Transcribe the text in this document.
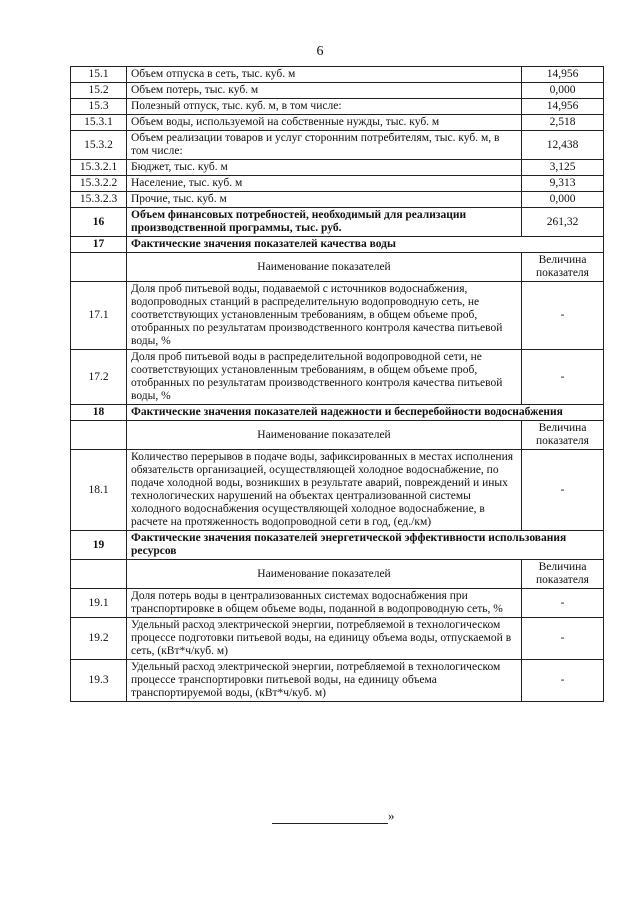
6
15.1	Объем отпуска в сеть, тыс. куб. м	14,956
15.2	Объем потерь, тыс. куб. м	0,000
15.3	Полезный отпуск, тыс. куб. м, в том числе:	14,956
15.3.1	Объем воды, используемой на собственные нужды, тыс. куб. м	2,518
15.3.2	Объем реализации товаров и услуг сторонним потребителям, тыс. куб. м, в том числе:	12,438
15.3.2.1	Бюджет, тыс. куб. м	3,125
15.3.2.2	Население, тыс. куб. м	9,313
15.3.2.3	Прочие, тыс. куб. м	0,000
16	Объем финансовых потребностей, необходимый для реализации производственной программы, тыс. руб.	261,32
17	Фактические значения показателей качества воды	
	Наименование показателей	Величина показателя
17.1	Доля проб питьевой воды, подаваемой с источников водоснабжения, водопроводных станций в распределительную водопроводную сеть, не соответствующих установленным требованиям, в общем объеме проб, отобранных по результатам производственного контроля качества питьевой воды, %	-
17.2	Доля проб питьевой воды в распределительной водопроводной сети, не соответствующих установленным требованиям, в общем объеме проб, отобранных по результатам производственного контроля качества питьевой воды, %	-
18	Фактические значения показателей надежности и бесперебойности водоснабжения	
	Наименование показателей	Величина показателя
18.1	Количество перерывов в подаче воды, зафиксированных в местах исполнения обязательств организацией, осуществляющей холодное водоснабжение, по подаче холодной воды, возникших в результате аварий, повреждений и иных технологических нарушений на объектах централизованной системы холодного водоснабжения осуществляющей холодное водоснабжение, в расчете на протяженность водопроводной сети в год, (ед./км)	-
19	Фактические значения показателей энергетической эффективности использования ресурсов	
	Наименование показателей	Величина показателя
19.1	Доля потерь воды в централизованных системах водоснабжения при транспортировке в общем объеме воды, поданной в водопроводную сеть, %	-
19.2	Удельный расход электрической энергии, потребляемой в технологическом процессе подготовки питьевой воды, на единицу объема воды, отпускаемой в сеть, (кВт*ч/куб. м)	-
19.3	Удельный расход электрической энергии, потребляемой в технологическом процессе транспортировки питьевой воды, на единицу объема транспортируемой воды, (кВт*ч/куб. м)	-
»
